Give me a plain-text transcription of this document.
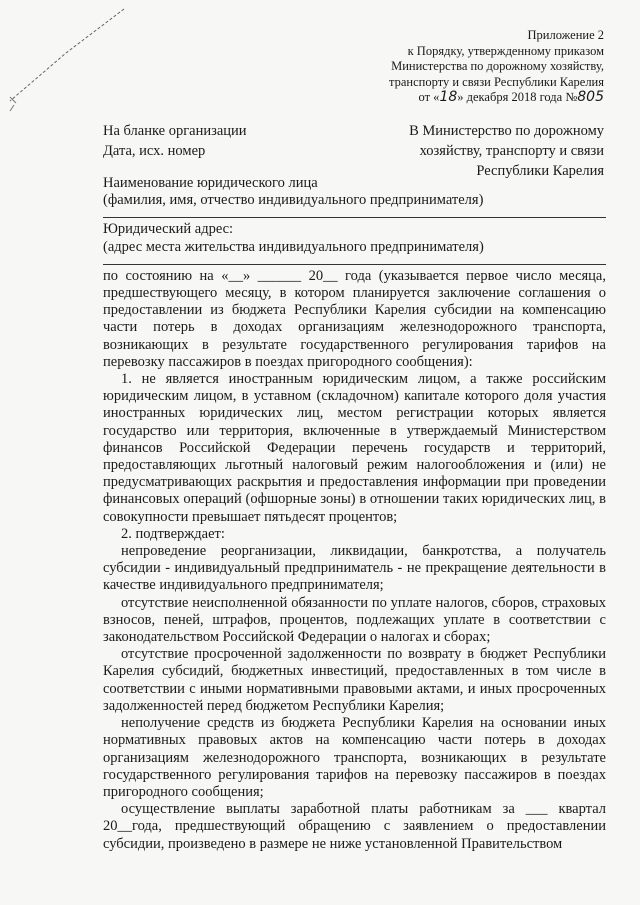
Приложение 2
к Порядку, утвержденному приказом
Министерства по дорожному хозяйству,
транспорту и связи Республики Карелия
от «18» декабря 2018 года №805
На бланке организации
Дата, исх. номер
В Министерство по дорожному
хозяйству, транспорту и связи
Республики Карелия

Наименование юридического лица

(фамилия, имя, отчество индивидуального предпринимателя)

Юридический адрес:

(адрес места жительства индивидуального предпринимателя)

по состоянию на «__» ______ 20__ года (указывается первое число месяца, предшествующего месяцу, в котором планируется заключение соглашения о предоставлении из бюджета Республики Карелия субсидии на компенсацию части потерь в доходах организациям железнодорожного транспорта, возникающих в результате государственного регулирования тарифов на перевозку пассажиров в поездах пригородного сообщения):

1. не является иностранным юридическим лицом, а также российским юридическим лицом, в уставном (складочном) капитале которого доля участия иностранных юридических лиц, местом регистрации которых является государство или территория, включенные в утверждаемый Министерством финансов Российской Федерации перечень государств и территорий, предоставляющих льготный налоговый режим налогообложения и (или) не предусматривающих раскрытия и предоставления информации при проведении финансовых операций (офшорные зоны) в отношении таких юридических лиц, в совокупности превышает пятьдесят процентов;

2. подтверждает:

непроведение реорганизации, ликвидации, банкротства, а получатель субсидии - индивидуальный предприниматель - не прекращение деятельности в качестве индивидуального предпринимателя;

отсутствие неисполненной обязанности по уплате налогов, сборов, страховых взносов, пеней, штрафов, процентов, подлежащих уплате в соответствии с законодательством Российской Федерации о налогах и сборах;

отсутствие просроченной задолженности по возврату в бюджет Республики Карелия субсидий, бюджетных инвестиций, предоставленных в том числе в соответствии с иными нормативными правовыми актами, и иных просроченных задолженностей перед бюджетом Республики Карелия;

неполучение средств из бюджета Республики Карелия на основании иных нормативных правовых актов на компенсацию части потерь в доходах организациям железнодорожного транспорта, возникающих в результате государственного регулирования тарифов на перевозку пассажиров в поездах пригородного сообщения;

осуществление выплаты заработной платы работникам за ___ квартал 20__года, предшествующий обращению с заявлением о предоставлении субсидии, произведено в размере не ниже установленной Правительством
